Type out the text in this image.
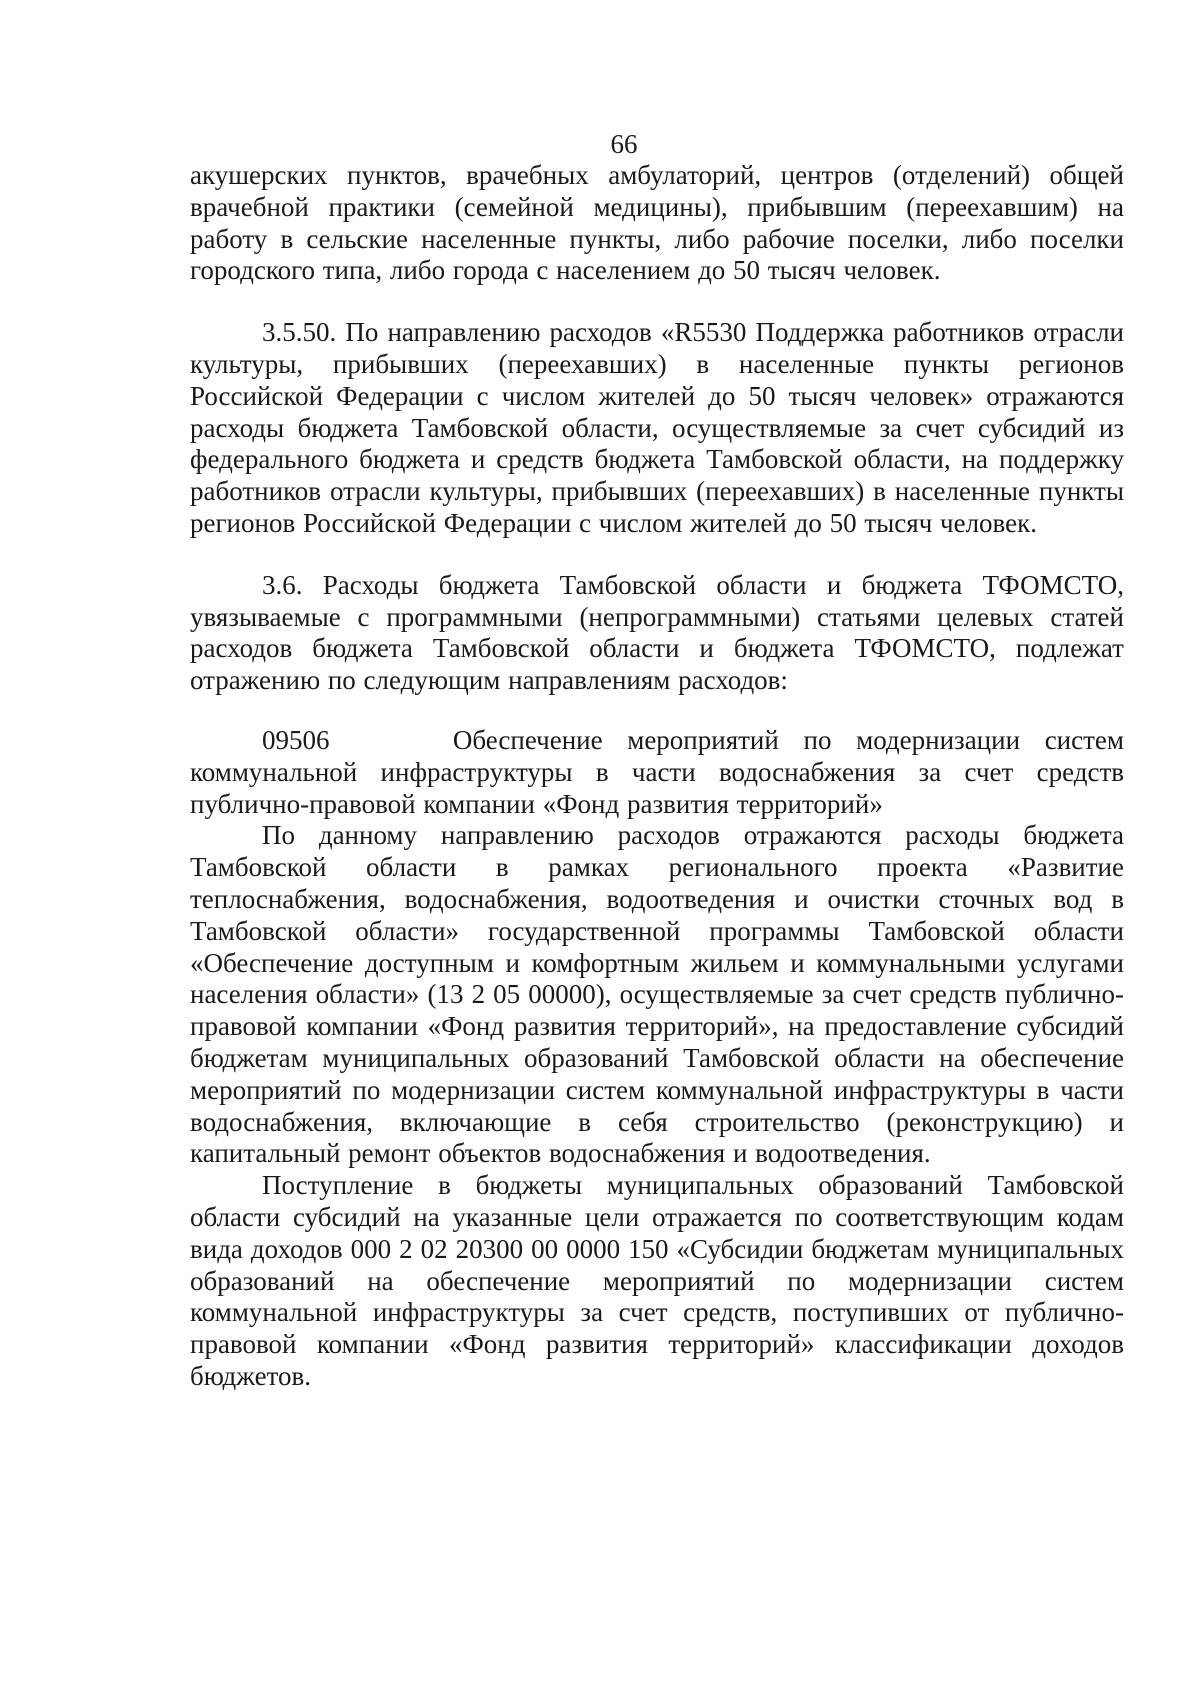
66

акушерских пунктов, врачебных амбулаторий, центров (отделений) общей врачебной практики (семейной медицины), прибывшим (переехавшим) на работу в сельские населенные пункты, либо рабочие поселки, либо поселки городского типа, либо города с населением до 50 тысяч человек.

3.5.50. По направлению расходов «R5530 Поддержка работников отрасли культуры, прибывших (переехавших) в населенные пункты регионов Российской Федерации с числом жителей до 50 тысяч человек» отражаются расходы бюджета Тамбовской области, осуществляемые за счет субсидий из федерального бюджета и средств бюджета Тамбовской области, на поддержку работников отрасли культуры, прибывших (переехавших) в населенные пункты регионов Российской Федерации с числом жителей до 50 тысяч человек.

3.6. Расходы бюджета Тамбовской области и бюджета ТФОМСТО, увязываемые с программными (непрограммными) статьями целевых статей расходов бюджета Тамбовской области и бюджета ТФОМСТО, подлежат отражению по следующим направлениям расходов:

09506	Обеспечение мероприятий по модернизации систем коммунальной инфраструктуры в части водоснабжения за счет средств публично-правовой компании «Фонд развития территорий»

По данному направлению расходов отражаются расходы бюджета Тамбовской области в рамках регионального проекта «Развитие теплоснабжения, водоснабжения, водоотведения и очистки сточных вод в Тамбовской области» государственной программы Тамбовской области «Обеспечение доступным и комфортным жильем и коммунальными услугами населения области» (13 2 05 00000), осуществляемые за счет средств публично-правовой компании «Фонд развития территорий», на предоставление субсидий бюджетам муниципальных образований Тамбовской области на обеспечение мероприятий по модернизации систем коммунальной инфраструктуры в части водоснабжения, включающие в себя строительство (реконструкцию) и капитальный ремонт объектов водоснабжения и водоотведения.

Поступление в бюджеты муниципальных образований Тамбовской области субсидий на указанные цели отражается по соответствующим кодам вида доходов 000 2 02 20300 00 0000 150 «Субсидии бюджетам муниципальных образований на обеспечение мероприятий по модернизации систем коммунальной инфраструктуры за счет средств, поступивших от публично-правовой компании «Фонд развития территорий» классификации доходов бюджетов.
